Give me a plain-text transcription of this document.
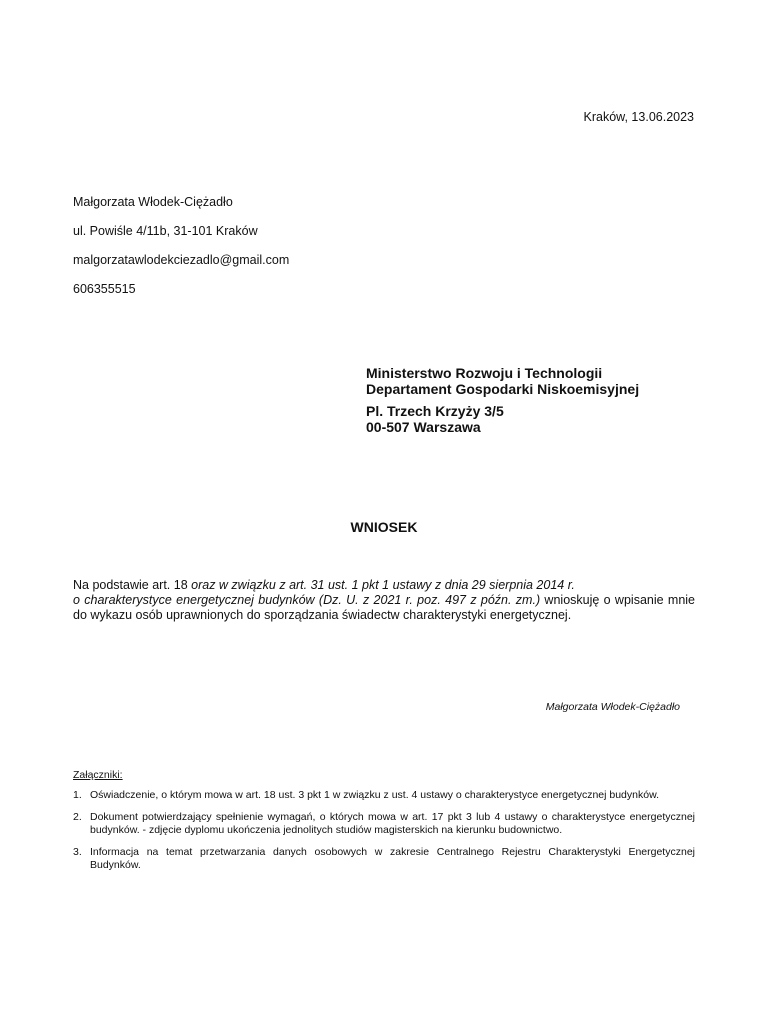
Kraków, 13.06.2023
Małgorzata Włodek-Ciężadło
ul. Powiśle 4/11b, 31-101 Kraków
malgorzatawlodekciezadlo@gmail.com
606355515
Ministerstwo Rozwoju i Technologii
Departament Gospodarki Niskoemisyjnej
Pl. Trzech Krzyży 3/5
00-507 Warszawa
WNIOSEK
Na podstawie art. 18 oraz w związku z art. 31 ust. 1 pkt 1 ustawy z dnia 29 sierpnia 2014 r.
o charakterystyce energetycznej budynków (Dz. U. z 2021 r. poz. 497 z późn. zm.) wnioskuję o wpisanie mnie do wykazu osób uprawnionych do sporządzania świadectw charakterystyki energetycznej.
Małgorzata Włodek-Ciężadło
Załączniki:
1. Oświadczenie, o którym mowa w art. 18 ust. 3 pkt 1 w związku z ust. 4 ustawy o charakterystyce energetycznej budynków.
2. Dokument potwierdzający spełnienie wymagań, o których mowa w art. 17 pkt 3 lub 4 ustawy o charakterystyce energetycznej budynków. - zdjęcie dyplomu ukończenia jednolitych studiów magisterskich na kierunku budownictwo.
3. Informacja na temat przetwarzania danych osobowych w zakresie Centralnego Rejestru Charakterystyki Energetycznej Budynków.
